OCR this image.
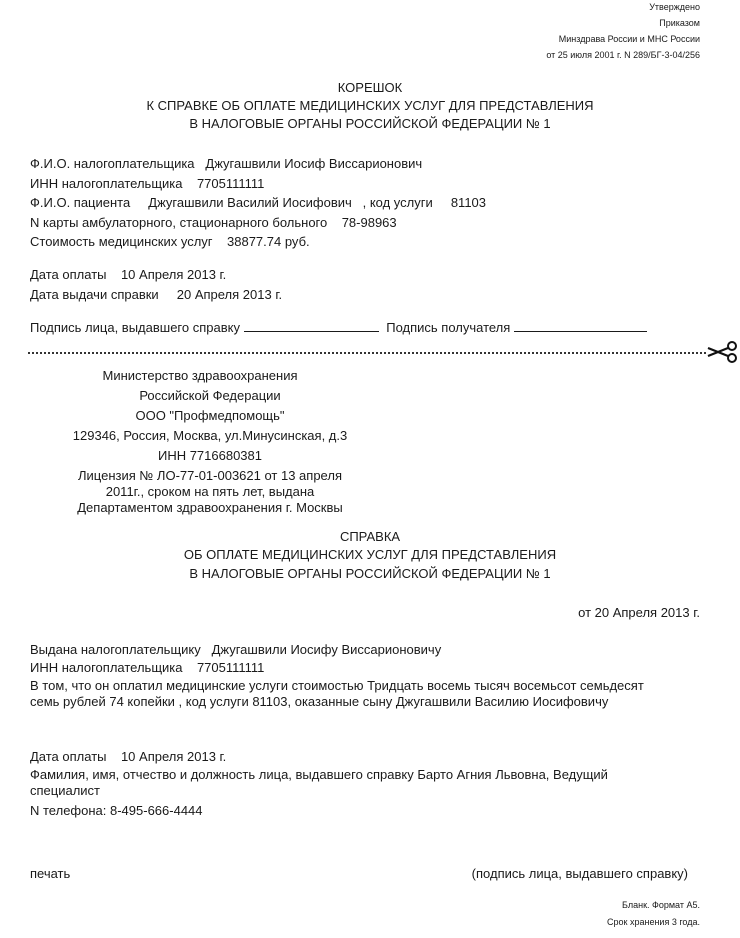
Утверждено
Приказом
Минздрава России и МНС России
от 25 июля 2001 г. N 289/БГ-3-04/256
КОРЕШОК
К СПРАВКЕ ОБ ОПЛАТЕ МЕДИЦИНСКИХ УСЛУГ ДЛЯ ПРЕДСТАВЛЕНИЯ
В НАЛОГОВЫЕ ОРГАНЫ РОССИЙСКОЙ ФЕДЕРАЦИИ № 1
Ф.И.О. налогоплательщика Джугашвили Иосиф Виссарионович
ИНН налогоплательщика 7705111111
Ф.И.О. пациента Джугашвили Василий Иосифович , код услуги 81103
N карты амбулаторного, стационарного больного 78-98963
Стоимость медицинских услуг 38877.74 руб.
Дата оплаты 10 Апреля 2013 г.
Дата выдачи справки 20 Апреля 2013 г.
Подпись лица, выдавшего справку	Подпись получателя
Министерство здравоохранения
Российской Федерации
ООО "Профмедпомощь"
129346, Россия, Москва, ул.Минусинская, д.3
ИНН 7716680381
Лицензия № ЛО-77-01-003621 от 13 апреля
2011г., сроком на пять лет, выдана
Департаментом здравоохранения г. Москвы
СПРАВКА
ОБ ОПЛАТЕ МЕДИЦИНСКИХ УСЛУГ ДЛЯ ПРЕДСТАВЛЕНИЯ
В НАЛОГОВЫЕ ОРГАНЫ РОССИЙСКОЙ ФЕДЕРАЦИИ № 1
от 20 Апреля 2013 г.
Выдана налогоплательщику Джугашвили Иосифу Виссарионовичу
ИНН налогоплательщика 7705111111
В том, что он оплатил медицинские услуги стоимостью Тридцать восемь тысяч восемьсот семьдесят семь рублей 74 копейки , код услуги 81103, оказанные сыну Джугашвили Василию Иосифовичу
Дата оплаты 10 Апреля 2013 г.
Фамилия, имя, отчество и должность лица, выдавшего справку Барто Агния Львовна, Ведущий специалист
N телефона: 8-495-666-4444
печать	(подпись лица, выдавшего справку)
Бланк. Формат А5.
Срок хранения 3 года.
